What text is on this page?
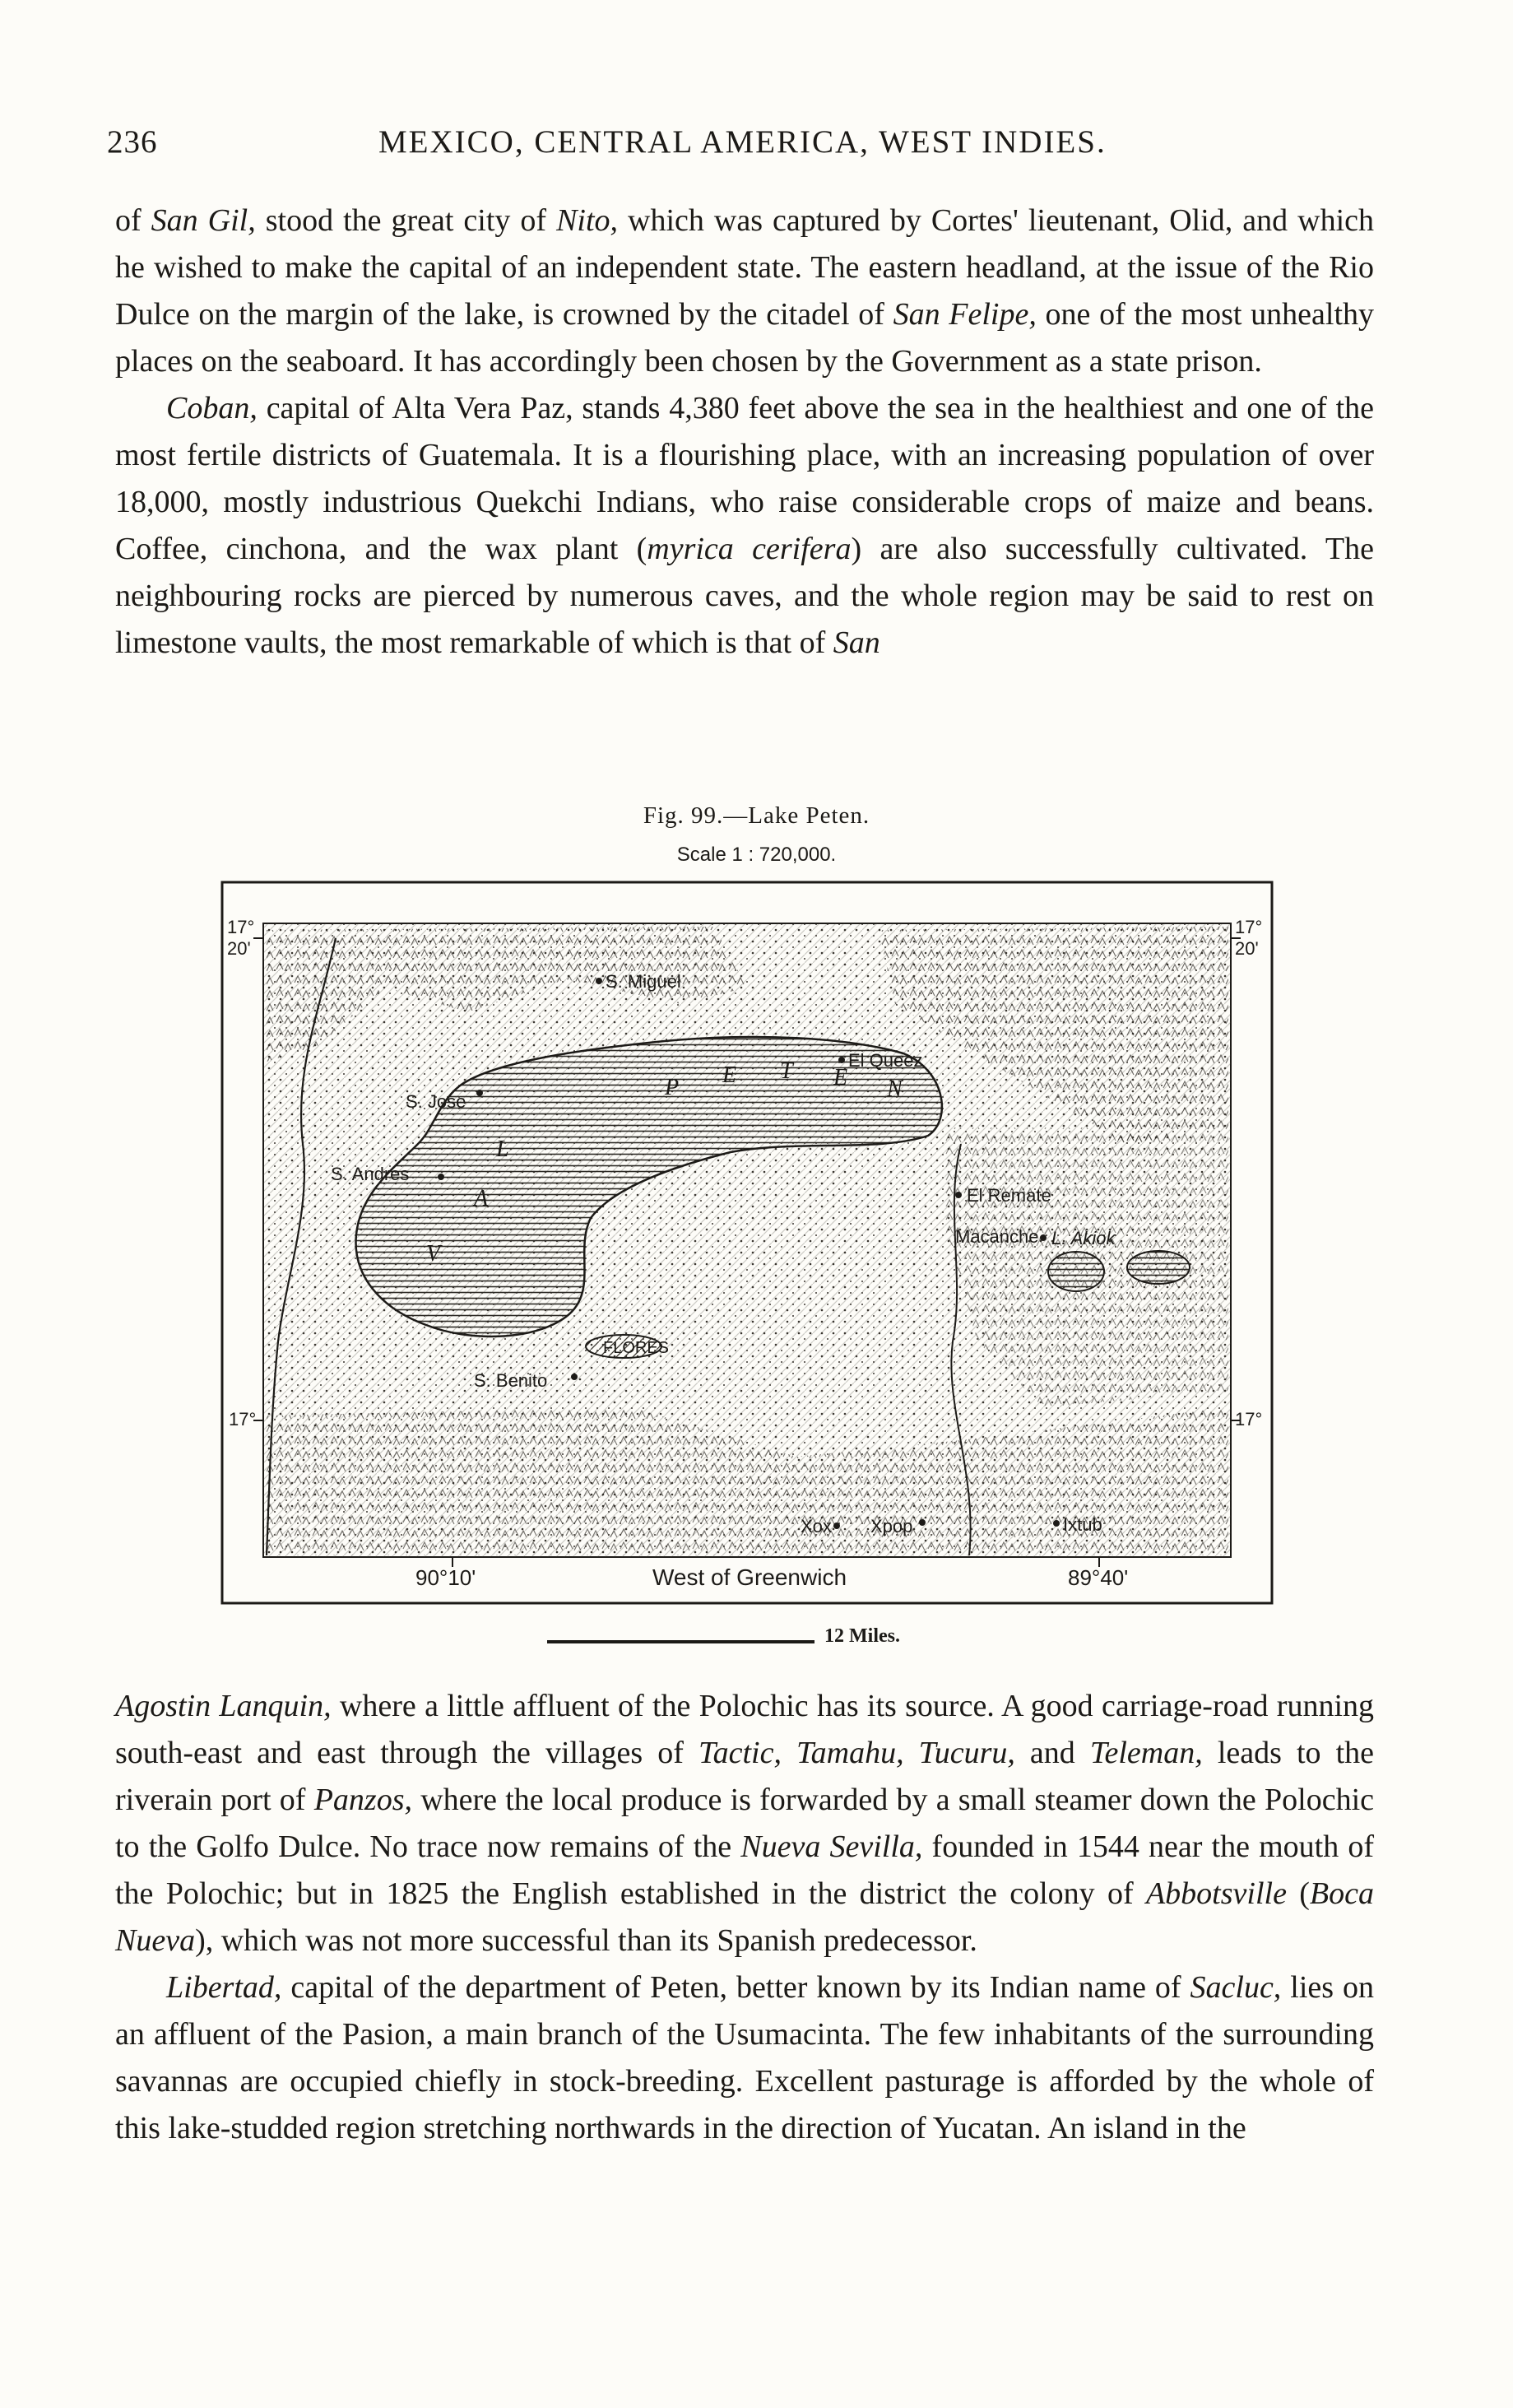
236	MEXICO, CENTRAL AMERICA, WEST INDIES.

of San Gil, stood the great city of Nito, which was captured by Cortes' lieutenant, Olid, and which he wished to make the capital of an independent state. The eastern headland, at the issue of the Rio Dulce on the margin of the lake, is crowned by the citadel of San Felipe, one of the most unhealthy places on the seaboard. It has accordingly been chosen by the Government as a state prison.

Coban, capital of Alta Vera Paz, stands 4,380 feet above the sea in the healthiest and one of the most fertile districts of Guatemala. It is a flourishing place, with an increasing population of over 18,000, mostly industrious Quekchi Indians, who raise considerable crops of maize and beans. Coffee, cinchona, and the wax plant (myrica cerifera) are also successfully cultivated. The neighbouring rocks are pierced by numerous caves, and the whole region may be said to rest on limestone vaults, the most remarkable of which is that of San

Fig. 99.—Lake Peten.
Scale 1 : 720,000.
P E T E N
L
A
V
S. Miguel
El Queez
S. Jose
S. Andres
El Remate
Macanche L. Akiok
FLORES
S. Benito
Xox Xpop	Ixtub
17°
20'
17°
20'
17°	17°
90°10'	West of Greenwich	89°40'
12 Miles.

Agostin Lanquin, where a little affluent of the Polochic has its source. A good carriage-road running south-east and east through the villages of Tactic, Tamahu, Tucuru, and Teleman, leads to the riverain port of Panzos, where the local produce is forwarded by a small steamer down the Polochic to the Golfo Dulce. No trace now remains of the Nueva Sevilla, founded in 1544 near the mouth of the Polochic; but in 1825 the English established in the district the colony of Abbotsville (Boca Nueva), which was not more successful than its Spanish predecessor.

Libertad, capital of the department of Peten, better known by its Indian name of Sacluc, lies on an affluent of the Pasion, a main branch of the Usumacinta. The few inhabitants of the surrounding savannas are occupied chiefly in stock-breeding. Excellent pasturage is afforded by the whole of this lake-studded region stretching northwards in the direction of Yucatan. An island in the
